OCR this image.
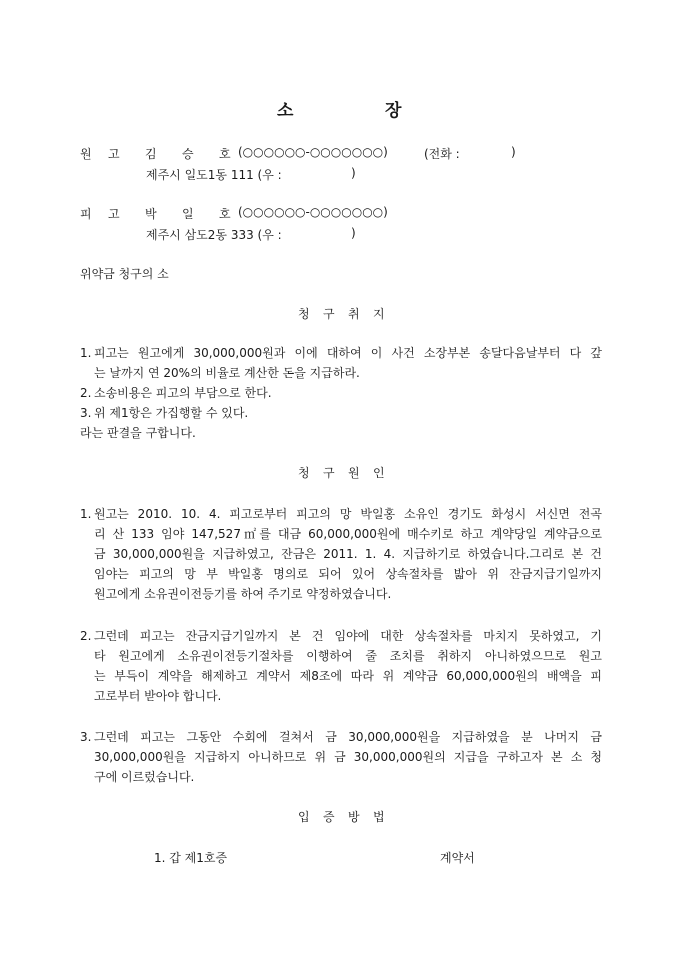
소	장
원 고 김 승 호 (○○○○○○-○○○○○○○)	(전화 :	)
제주시 일도1동 111 (우 :	)
피 고 박 일 호 (○○○○○○-○○○○○○○)
제주시 삼도2동 333 (우 :	)
위약금 청구의 소
청 구 취 지
1. 피고는 원고에게 30,000,000원과 이에 대하여 이 사건 소장부본 송달다음날부터 다 갚
는 날까지 연 20%의 비율로 계산한 돈을 지급하라.
2. 소송비용은 피고의 부담으로 한다.
3. 위 제1항은 가집행할 수 있다.
라는 판결을 구합니다.
청 구 원 인
1. 원고는 2010. 10. 4. 피고로부터 피고의 망 박일홍 소유인 경기도 화성시 서신면 전곡
리 산 133 임야 147,527㎡를 대금 60,000,000원에 매수키로 하고 계약당일 계약금으로
금 30,000,000원을 지급하였고, 잔금은 2011. 1. 4. 지급하기로 하였습니다.그리로 본 건
임야는 피고의 망 부 박일홍 명의로 되어 있어 상속절차를 밟아 위 잔금지급기일까지
원고에게 소유권이전등기를 하여 주기로 약정하였습니다.
2. 그런데 피고는 잔금지급기일까지 본 건 임야에 대한 상속절차를 마치지 못하였고, 기
타 원고에게 소유권이전등기절차를 이행하여 줄 조치를 취하지 아니하였으므로 원고
는 부득이 계약을 해제하고 계약서 제8조에 따라 위 계약금 60,000,000원의 배액을 피
고로부터 받아야 합니다.
3. 그런데 피고는 그동안 수회에 걸쳐서 금 30,000,000원을 지급하였을 분 나머지 금
30,000,000원을 지급하지 아니하므로 위 금 30,000,000원의 지급을 구하고자 본 소 청
구에 이르렀습니다.
입 증 방 법
1. 갑 제1호증	계약서
